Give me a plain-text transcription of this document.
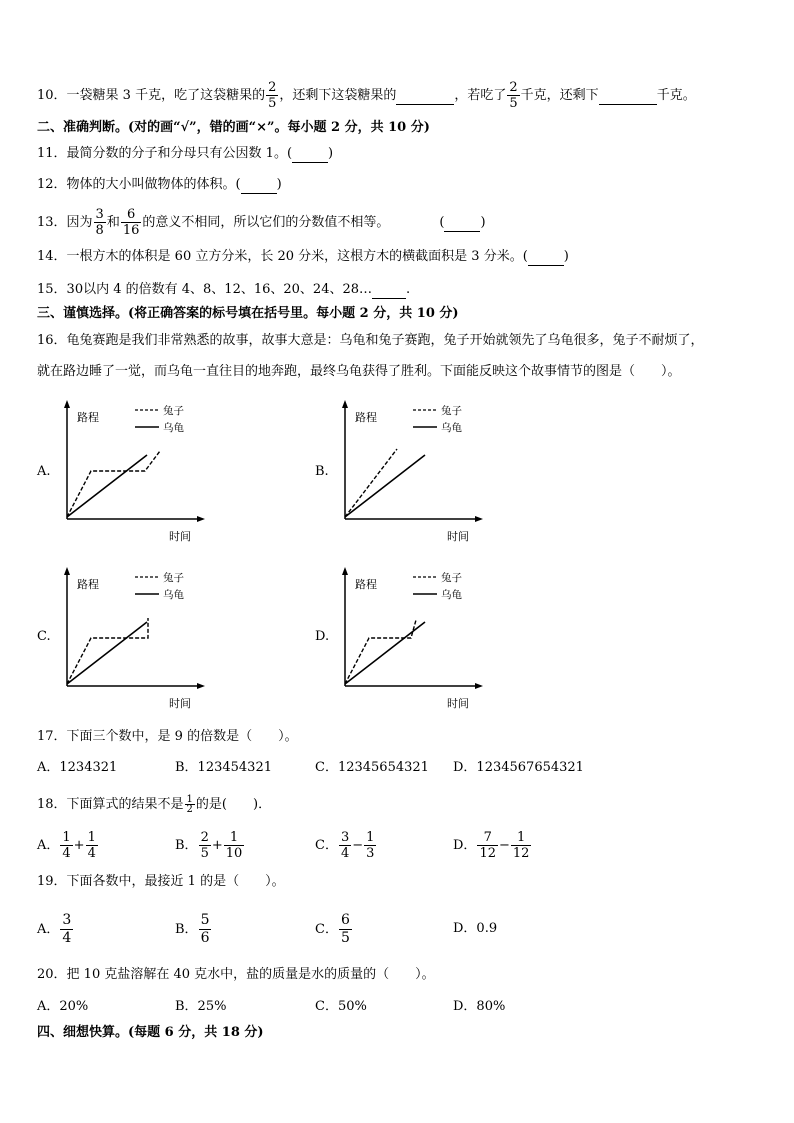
10．一袋糖果 3 千克，吃了这袋糖果的 $\frac{2}{5}$ ，还剩下这袋糖果的	，若吃了 $\frac{2}{5}$ 千克，还剩下	千克。
二、准确判断。(对的画“√”，错的画“×”。每小题 2 分，共 10 分)
11．最简分数的分子和分母只有公因数 1。(	)
12．物体的大小叫做物体的体积。(	)
13．因为 $\frac{3}{8}$ 和 $\frac{6}{16}$ 的意义不相同，所以它们的分数值不相等。	(	)
14．一根方木的体积是 60 立方分米，长 20 分米，这根方木的横截面积是 3 分米。(	)
15．30以内 4 的倍数有 4、8、12、16、20、24、28…	.
三、谨慎选择。(将正确答案的标号填在括号里。每小题 2 分，共 10 分)
16．龟兔赛跑是我们非常熟悉的故事，故事大意是：乌龟和兔子赛跑，兔子开始就领先了乌龟很多，兔子不耐烦了，
就在路边睡了一觉，而乌龟一直往目的地奔跑，最终乌龟获得了胜利。下面能反映这个故事情节的图是（　　）。
A.	B.
C.	D.
路程
时间
兔子
乌龟
路程
时间
兔子
乌龟
路程
时间
兔子
乌龟
路程
时间
兔子
乌龟
17．下面三个数中，是 9 的倍数是（　　）。
A．1234321	B．123454321	C．12345654321 D．1234567654321
18．下面算式的结果不是 $\frac{1}{2}$ 的是(　　)．
A． $\frac{1}{4} + \frac{1}{4}$	B． $\frac{2}{5} + \frac{1}{10}$	C． $\frac{3}{4} - \frac{1}{3}$	D． $\frac{7}{12} - \frac{1}{12}$
19．下面各数中，最接近 1 的是（　　）。
A． $\frac{3}{4}$	B． $\frac{5}{6}$	C． $\frac{6}{5}$	D．0.9
20．把 10 克盐溶解在 40 克水中，盐的质量是水的质量的（　　）。
A．20%	B．25%	C．50%	D．80%
四、细想快算。(每题 6 分，共 18 分)
